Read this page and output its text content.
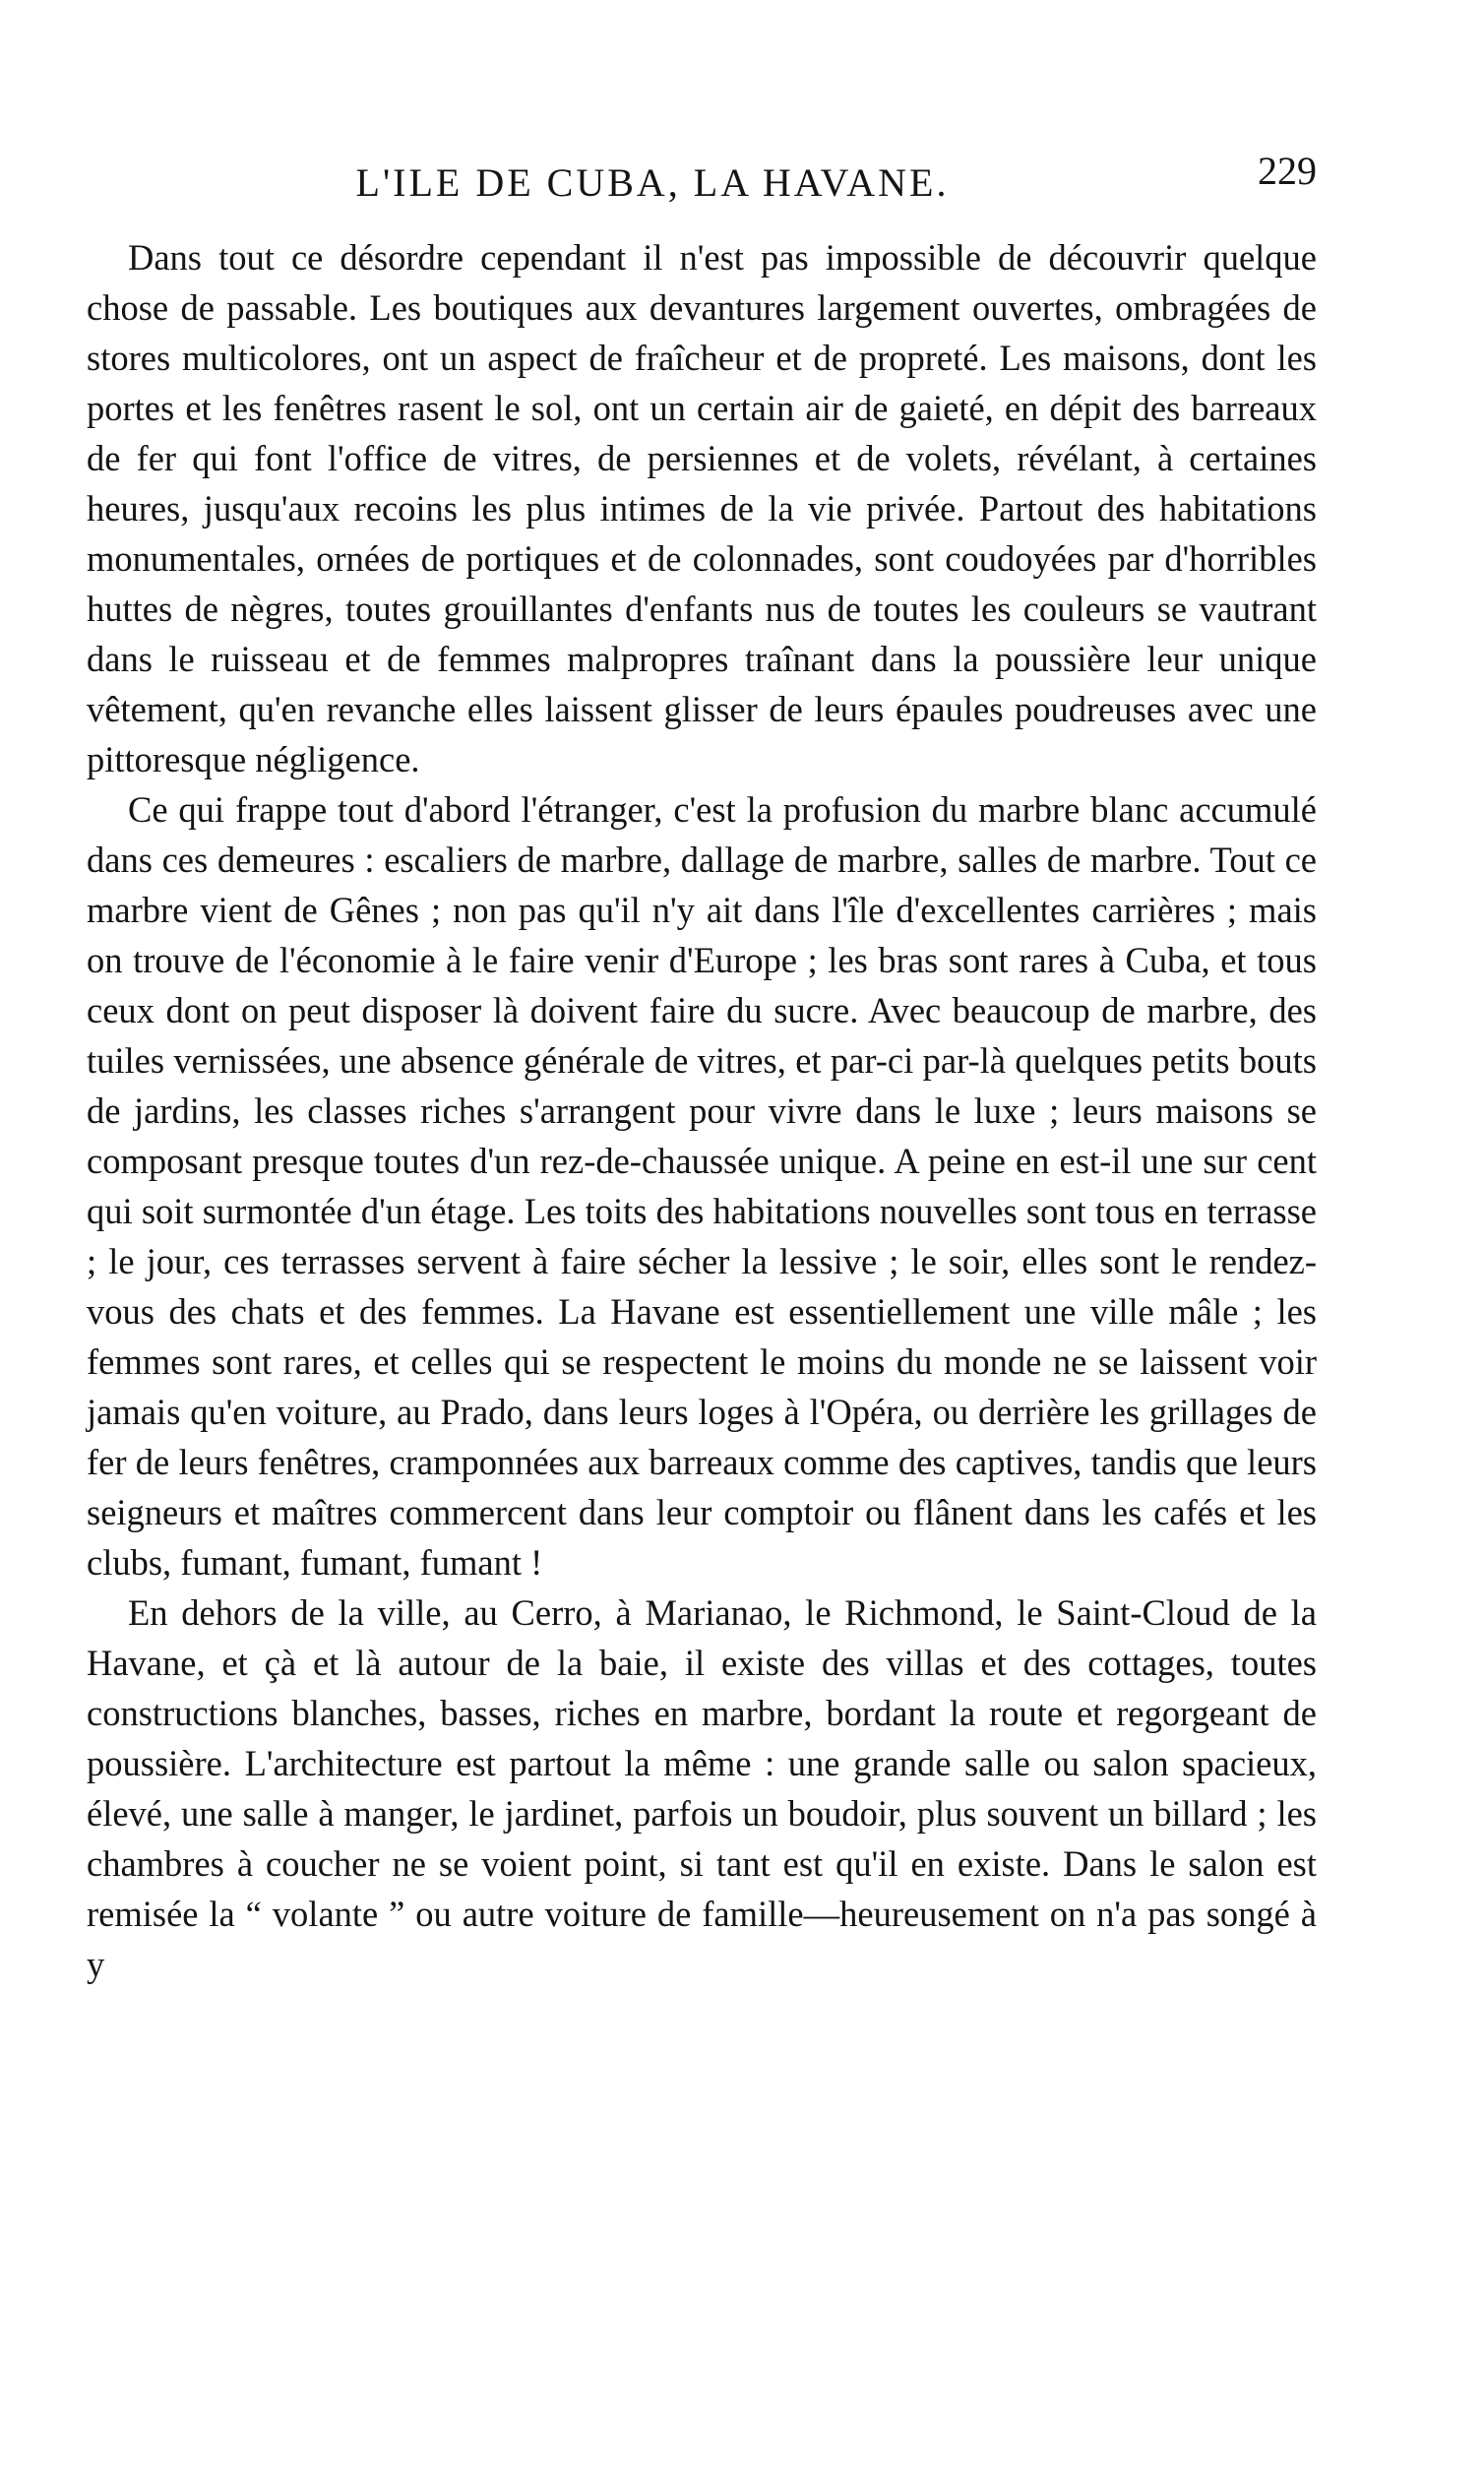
L'ILE DE CUBA, LA HAVANE.	229

Dans tout ce désordre cependant il n'est pas impossible de découvrir quelque chose de passable. Les boutiques aux devantures largement ouvertes, ombragées de stores multicolores, ont un aspect de fraîcheur et de propreté. Les maisons, dont les portes et les fenêtres rasent le sol, ont un certain air de gaieté, en dépit des barreaux de fer qui font l'office de vitres, de persiennes et de volets, révélant, à certaines heures, jusqu'aux recoins les plus intimes de la vie privée. Partout des habitations monumentales, ornées de portiques et de colonnades, sont coudoyées par d'horribles huttes de nègres, toutes grouillantes d'enfants nus de toutes les couleurs se vautrant dans le ruisseau et de femmes malpropres traînant dans la poussière leur unique vêtement, qu'en revanche elles laissent glisser de leurs épaules poudreuses avec une pittoresque négligence.

Ce qui frappe tout d'abord l'étranger, c'est la profusion du marbre blanc accumulé dans ces demeures : escaliers de marbre, dallage de marbre, salles de marbre. Tout ce marbre vient de Gênes ; non pas qu'il n'y ait dans l'île d'excellentes carrières ; mais on trouve de l'économie à le faire venir d'Europe ; les bras sont rares à Cuba, et tous ceux dont on peut disposer là doivent faire du sucre. Avec beaucoup de marbre, des tuiles vernissées, une absence générale de vitres, et par-ci par-là quelques petits bouts de jardins, les classes riches s'arrangent pour vivre dans le luxe ; leurs maisons se composant presque toutes d'un rez-de-chaussée unique. A peine en est-il une sur cent qui soit surmontée d'un étage. Les toits des habitations nouvelles sont tous en terrasse ; le jour, ces terrasses servent à faire sécher la lessive ; le soir, elles sont le rendez-vous des chats et des femmes. La Havane est essentiellement une ville mâle ; les femmes sont rares, et celles qui se respectent le moins du monde ne se laissent voir jamais qu'en voiture, au Prado, dans leurs loges à l'Opéra, ou derrière les grillages de fer de leurs fenêtres, cramponnées aux barreaux comme des captives, tandis que leurs seigneurs et maîtres commercent dans leur comptoir ou flânent dans les cafés et les clubs, fumant, fumant, fumant !

En dehors de la ville, au Cerro, à Marianao, le Richmond, le Saint-Cloud de la Havane, et çà et là autour de la baie, il existe des villas et des cottages, toutes constructions blanches, basses, riches en marbre, bordant la route et regorgeant de poussière. L'architecture est partout la même : une grande salle ou salon spacieux, élevé, une salle à manger, le jardinet, parfois un boudoir, plus souvent un billard ; les chambres à coucher ne se voient point, si tant est qu'il en existe. Dans le salon est remisée la “ volante ” ou autre voiture de famille—heureusement on n'a pas songé à y
